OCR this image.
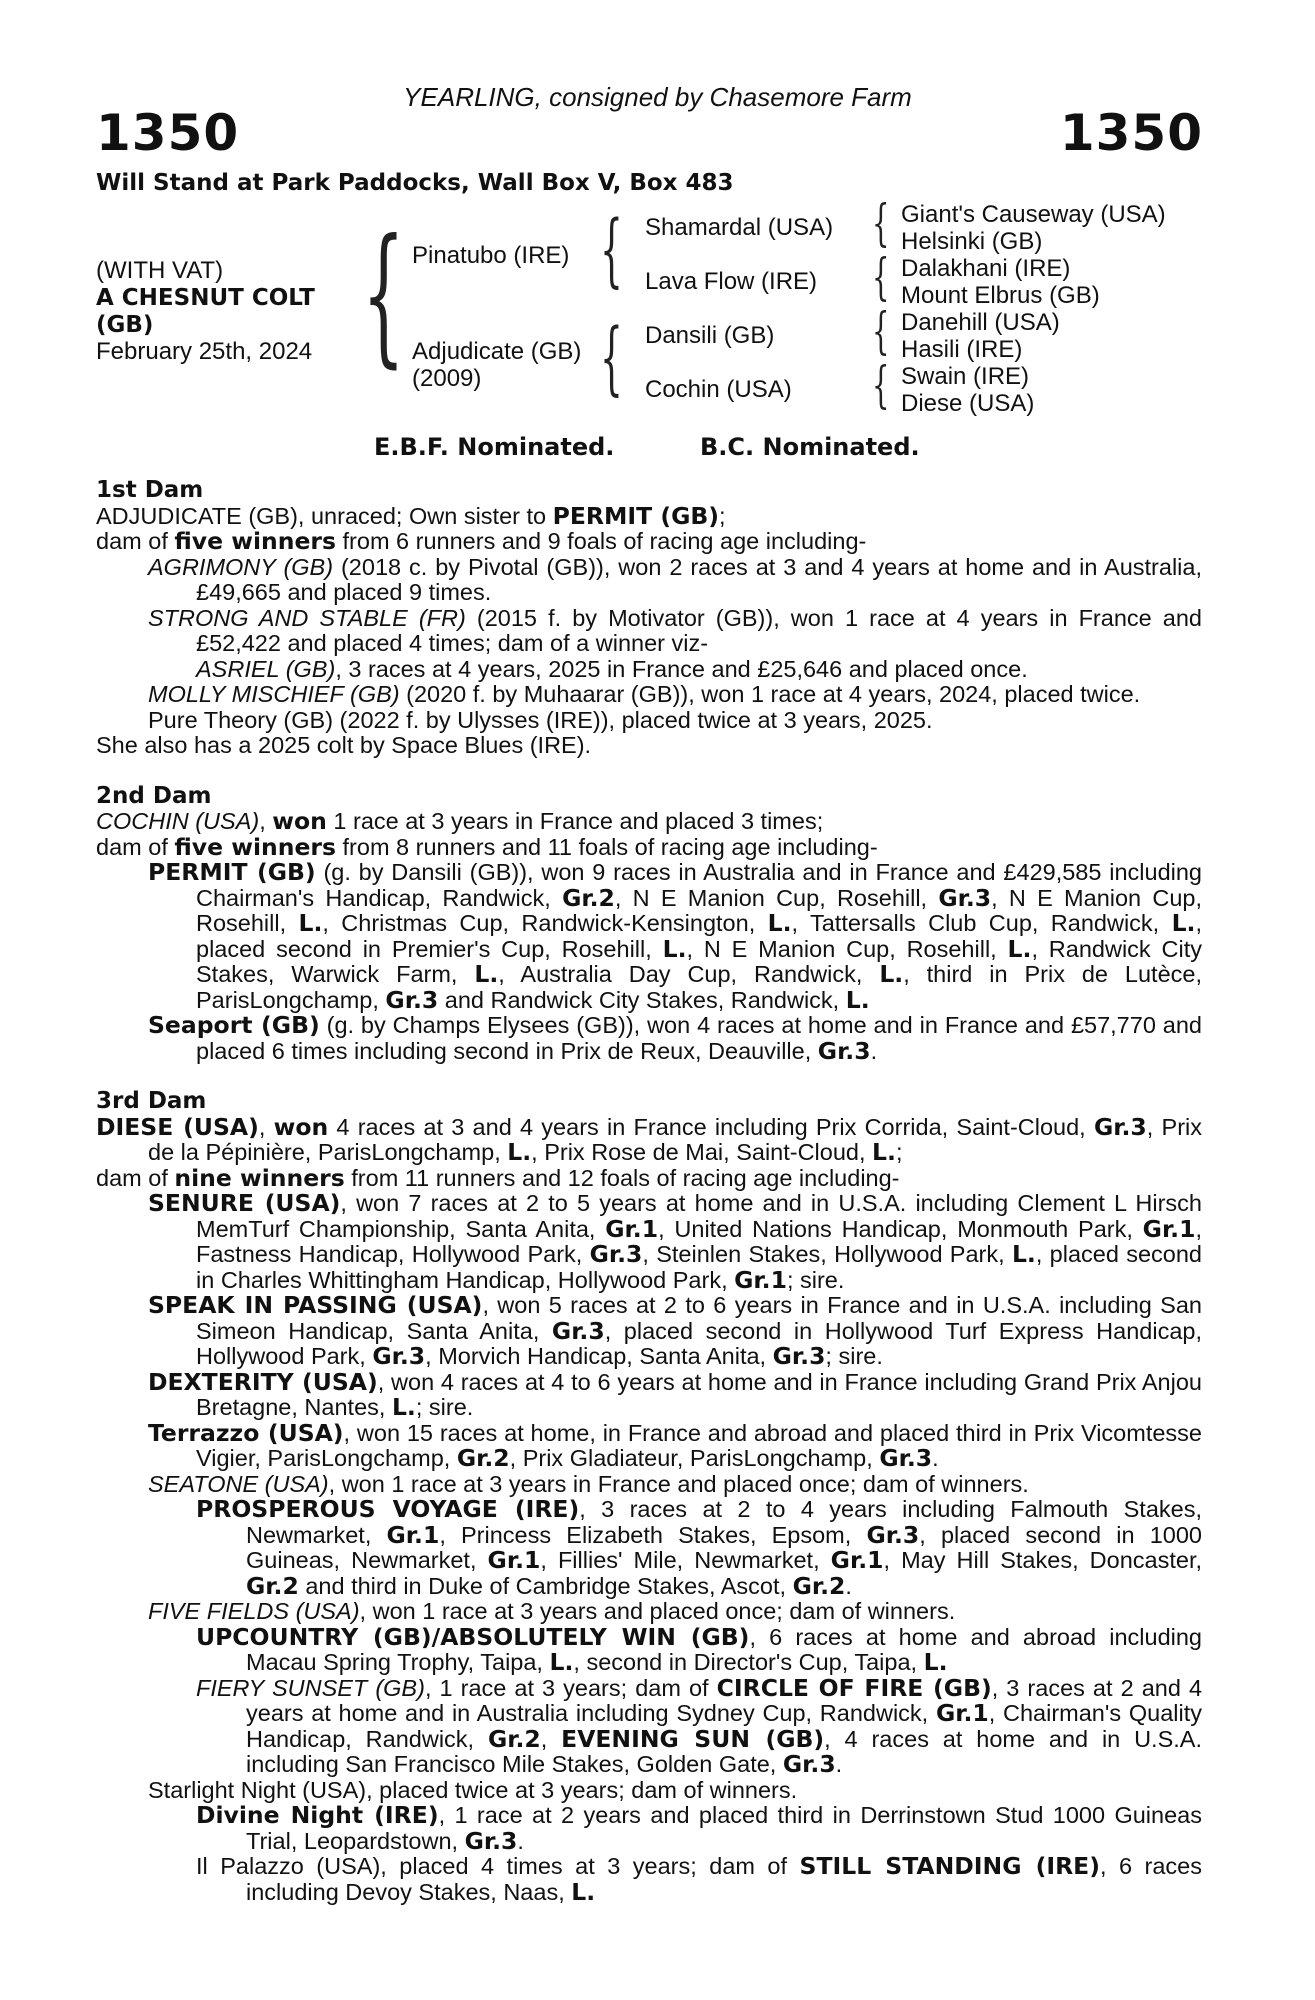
YEARLING, consigned by Chasemore Farm
1350	1350
Will Stand at Park Paddocks, Wall Box V, Box 483
(WITH VAT)
A CHESNUT COLT
(GB)
February 25th, 2024 { Pinatubo (IRE)
Adjudicate (GB)
(2009)
{
{
Shamardal (USA)
Lava Flow (IRE)
Dansili (GB)
Cochin (USA)
{
{
{
{
Giant's Causeway (USA)
Helsinki (GB)
Dalakhani (IRE)
Mount Elbrus (GB)
Danehill (USA)
Hasili (IRE)
Swain (IRE)
Diese (USA)
E.B.F. Nominated.	B.C. Nominated.
1st Dam
ADJUDICATE (GB), unraced; Own sister to PERMIT (GB);
dam of five winners from 6 runners and 9 foals of racing age including-
AGRIMONY (GB) (2018 c. by Pivotal (GB)), won 2 races at 3 and 4 years at home and in Australia, £49,665 and placed 9 times.
STRONG AND STABLE (FR) (2015 f. by Motivator (GB)), won 1 race at 4 years in France and £52,422 and placed 4 times; dam of a winner viz-
ASRIEL (GB), 3 races at 4 years, 2025 in France and £25,646 and placed once.
MOLLY MISCHIEF (GB) (2020 f. by Muhaarar (GB)), won 1 race at 4 years, 2024, placed twice.
Pure Theory (GB) (2022 f. by Ulysses (IRE)), placed twice at 3 years, 2025.
She also has a 2025 colt by Space Blues (IRE).
2nd Dam
COCHIN (USA), won 1 race at 3 years in France and placed 3 times;
dam of five winners from 8 runners and 11 foals of racing age including-
PERMIT (GB) (g. by Dansili (GB)), won 9 races in Australia and in France and £429,585 including Chairman's Handicap, Randwick, Gr.2, N E Manion Cup, Rosehill, Gr.3, N E Manion Cup, Rosehill, L., Christmas Cup, Randwick-Kensington, L., Tattersalls Club Cup, Randwick, L., placed second in Premier's Cup, Rosehill, L., N E Manion Cup, Rosehill, L., Randwick City Stakes, Warwick Farm, L., Australia Day Cup, Randwick, L., third in Prix de Lutèce, ParisLongchamp, Gr.3 and Randwick City Stakes, Randwick, L.
Seaport (GB) (g. by Champs Elysees (GB)), won 4 races at home and in France and £57,770 and placed 6 times including second in Prix de Reux, Deauville, Gr.3.
3rd Dam
DIESE (USA), won 4 races at 3 and 4 years in France including Prix Corrida, Saint-Cloud, Gr.3, Prix de la Pépinière, ParisLongchamp, L., Prix Rose de Mai, Saint-Cloud, L.;
dam of nine winners from 11 runners and 12 foals of racing age including-
SENURE (USA), won 7 races at 2 to 5 years at home and in U.S.A. including Clement L Hirsch MemTurf Championship, Santa Anita, Gr.1, United Nations Handicap, Monmouth Park, Gr.1, Fastness Handicap, Hollywood Park, Gr.3, Steinlen Stakes, Hollywood Park, L., placed second in Charles Whittingham Handicap, Hollywood Park, Gr.1; sire.
SPEAK IN PASSING (USA), won 5 races at 2 to 6 years in France and in U.S.A. including San Simeon Handicap, Santa Anita, Gr.3, placed second in Hollywood Turf Express Handicap, Hollywood Park, Gr.3, Morvich Handicap, Santa Anita, Gr.3; sire.
DEXTERITY (USA), won 4 races at 4 to 6 years at home and in France including Grand Prix Anjou Bretagne, Nantes, L.; sire.
Terrazzo (USA), won 15 races at home, in France and abroad and placed third in Prix Vicomtesse Vigier, ParisLongchamp, Gr.2, Prix Gladiateur, ParisLongchamp, Gr.3.
SEATONE (USA), won 1 race at 3 years in France and placed once; dam of winners.
PROSPEROUS VOYAGE (IRE), 3 races at 2 to 4 years including Falmouth Stakes, Newmarket, Gr.1, Princess Elizabeth Stakes, Epsom, Gr.3, placed second in 1000 Guineas, Newmarket, Gr.1, Fillies' Mile, Newmarket, Gr.1, May Hill Stakes, Doncaster, Gr.2 and third in Duke of Cambridge Stakes, Ascot, Gr.2.
FIVE FIELDS (USA), won 1 race at 3 years and placed once; dam of winners.
UPCOUNTRY (GB)/ABSOLUTELY WIN (GB), 6 races at home and abroad including Macau Spring Trophy, Taipa, L., second in Director's Cup, Taipa, L.
FIERY SUNSET (GB), 1 race at 3 years; dam of CIRCLE OF FIRE (GB), 3 races at 2 and 4 years at home and in Australia including Sydney Cup, Randwick, Gr.1, Chairman's Quality Handicap, Randwick, Gr.2, EVENING SUN (GB), 4 races at home and in U.S.A. including San Francisco Mile Stakes, Golden Gate, Gr.3.
Starlight Night (USA), placed twice at 3 years; dam of winners.
Divine Night (IRE), 1 race at 2 years and placed third in Derrinstown Stud 1000 Guineas Trial, Leopardstown, Gr.3.
Il Palazzo (USA), placed 4 times at 3 years; dam of STILL STANDING (IRE), 6 races including Devoy Stakes, Naas, L.
